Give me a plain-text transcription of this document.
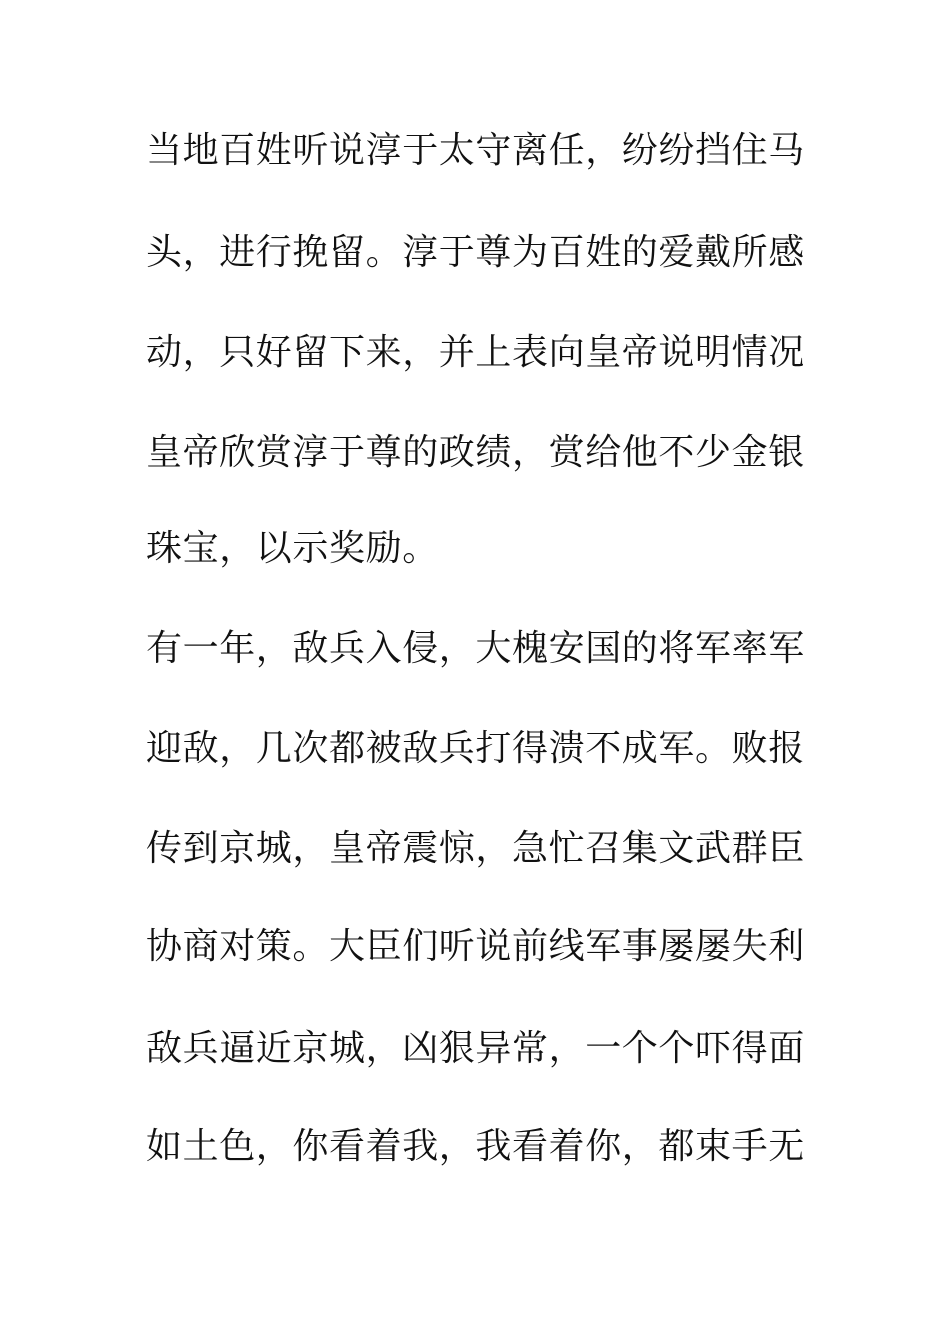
当地百姓听说淳于太守离任，纷纷挡住马

头，进行挽留。淳于尊为百姓的爱戴所感

动，只好留下来，并上表向皇帝说明情况

皇帝欣赏淳于尊的政绩，赏给他不少金银

珠宝，以示奖励。

有一年，敌兵入侵，大槐安国的将军率军

迎敌，几次都被敌兵打得溃不成军。败报

传到京城，皇帝震惊，急忙召集文武群臣

协商对策。大臣们听说前线军事屡屡失利

敌兵逼近京城，凶狠异常，一个个吓得面

如土色，你看着我，我看着你，都束手无
